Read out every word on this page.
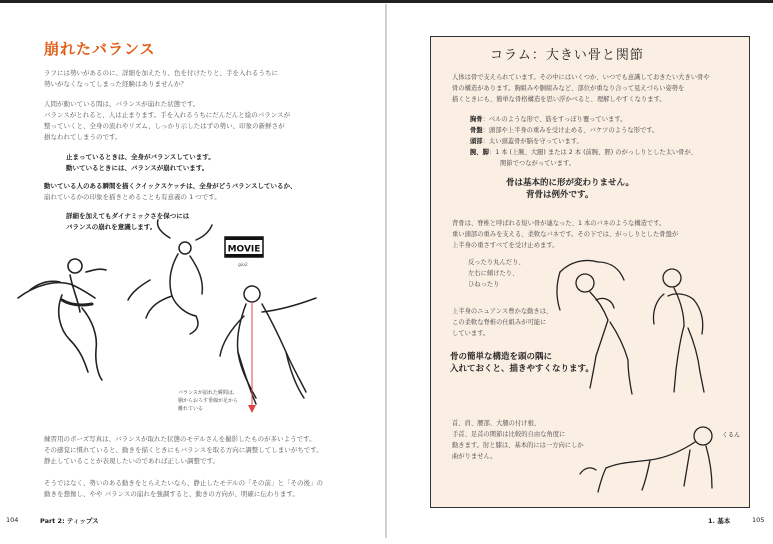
崩れたバランス
ラフには勢いがあるのに、詳細を加えたり、色を付けたりと、手を入れるうちに
勢いがなくなってしまった経験はありませんか？
人間が動いている間は、バランスが崩れた状態です。
バランスがとれると、人は止まります。手を入れるうちにだんだんと絵のバランスが
整っていくと、全身の流れやリズム、しっかり示したはずの勢い、印象の新鮮さが
損なわれてしまうのです。
止まっているときは、全身がバランスしています。
動いているときには、バランスが崩れています。
動いている人のある瞬間を描くクイックスケッチは、全身がどうバランスしているか、
崩れているかの印象を描きとめることも有意義の 1 つです。
詳細を加えてもダイナミックさを保つには
バランスの崩れを意識します。
MOVIE
gio2
バランスが崩れた瞬間は、
胴からおろす垂線が足から
離れている
練習用のポーズ写真は、バランスが取れた状態のモデルさんを撮影したものが多いようです。
その感覚に慣れていると、動きを描くときにもバランスを取る方向に調整してしまいがちです。
静止していることが表現したいのであれば正しい調整です。
そうではなく、勢いのある動きをとらえたいなら、静止したモデルの「その前」と「その後」の
動きを想像し、やや バランスの崩れを強調すると、動きの方向が、明確に伝わります。
104	Part 2: ティップス
コラム：大きい骨と関節
人体は骨で支えられています。その中にはいくつか、いつでも意識しておきたい大きい骨や
骨の構造があります。胸組みや胴組みなど、部位が重なり合って見えづらい姿勢を
描くときにも、簡単な骨格構造を思い浮かべると、理解しやすくなります。
胸骨：ベルのような形で、筋をすっぽり覆っています。
骨盤：頭部や上半身の重みを受け止める、バケツのような形です。
頭部：太い頭蓋骨が脳を守っています。
腕、脚：1 本 (上腕、大腿) または 2 本 (前腕、脛) のがっしりとした太い骨が、
関節でつながっています。
骨は基本的に形が変わりません。
背骨は例外です。
背骨は、脊椎と呼ばれる短い骨が連なった、1 本のバネのような構造です。
重い頭部の重みを支える、柔軟なバネです。その下では、がっしりとした骨盤が
上半身の重さすべてを受け止めます。
反ったり丸んだり、
左右に傾けたり、
ひねったり
上半身のニュアンス豊かな動きは、
この柔軟な脊椎の仕組みが可能に
しています。
骨の簡単な構造を頭の隅に
入れておくと、描きやすくなります。
首、肩、腰部、大腿の付け根、
手首、足首の関節は比較的自由な角度に
動きます。肘と膝は、基本的には一方向にしか
曲がりません。
くるん
1. 基本	105
